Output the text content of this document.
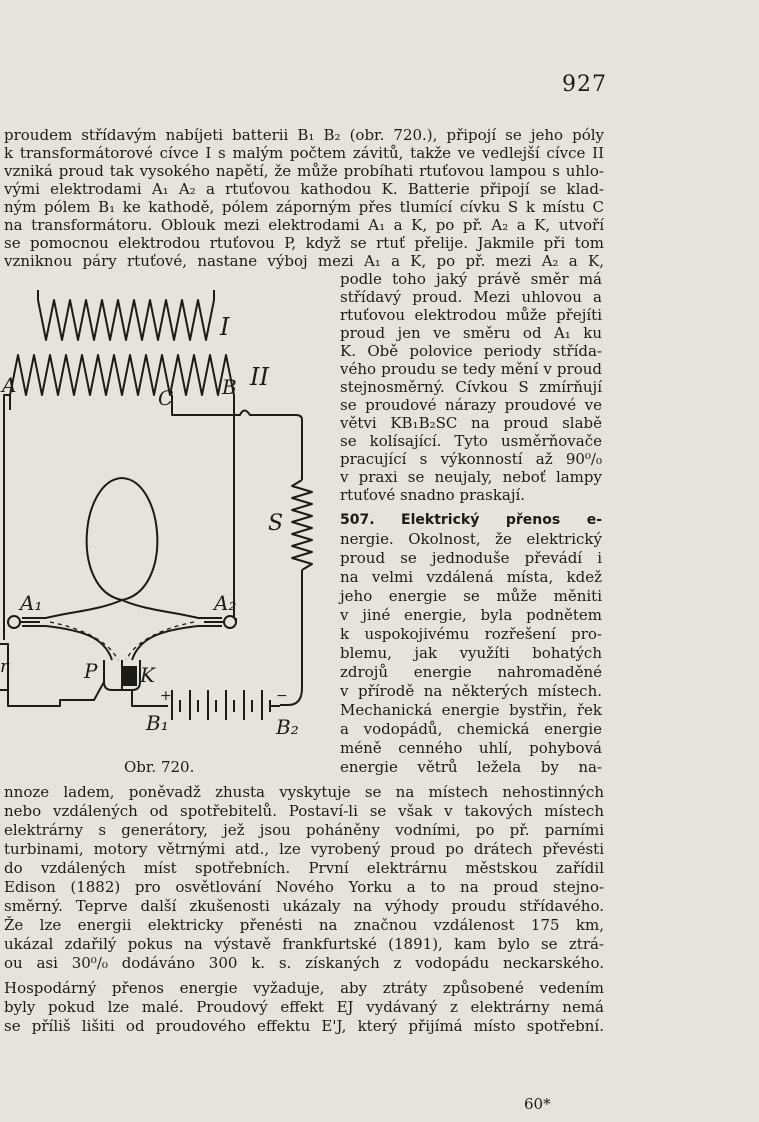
927
proudem střídavým nabíjeti batterii B₁ B₂ (obr. 720.), připojí se jeho póly
k transformátorové cívce I s malým počtem závitů, takže ve vedlejší cívce II
vzniká proud tak vysokého napětí, že může probíhati rtuťovou lampou s uhlo-
vými elektrodami A₁ A₂ a rtuťovou kathodou K. Batterie připojí se klad-
ným pólem B₁ ke kathodě, pólem záporným přes tlumící cívku S k místu C
na transformátoru. Oblouk mezi elektrodami A₁ a K, po př. A₂ a K, utvoří
se pomocnou elektrodou rtuťovou P, když se rtuť přelije. Jakmile při tom
vzniknou páry rtuťové, nastane výboj mezi A₁ a K, po př. mezi A₂ a K,
podle toho jaký právě směr má
střídavý proud. Mezi uhlovou a
rtuťovou elektrodou může přejíti
proud jen ve směru od A₁ ku
K. Obě polovice periody střída-
vého proudu se tedy mění v proud
stejnosměrný. Cívkou S zmírňují
se proudové nárazy proudové ve
větvi KB₁B₂SC na proud slabě
se kolísající. Tyto usměrňovače
pracující s výkonností až 90⁰/₀
v praxi se neujaly, neboť lampy
rtuťové snadno praskají.
507. Elektrický přenos e-
nergie. Okolnost, že elektrický
proud se jednoduše převádí i
na velmi vzdálená místa, kdež
jeho energie se může měniti
v jiné energie, byla podnětem
k uspokojivému rozřešení pro-
blemu, jak využíti bohatých
zdrojů energie nahromaděné
v přírodě na některých místech.
Mechanická energie bystřin, řek
a vodopádů, chemická energie
méně cenného uhlí, pohybová
energie větrů ležela by na-
nnoze ladem, poněvadž zhusta vyskytuje se na místech nehostinných
nebo vzdálených od spotřebitelů. Postaví-li se však v takových místech
elektrárny s generátory, jež jsou poháněny vodními, po př. parními
turbinami, motory větrnými atd., lze vyrobený proud po drátech převésti
do vzdálených míst spotřebních. První elektrárnu městskou zařídil
Edison (1882) pro osvětlování Nového Yorku a to na proud stejno-
směrný. Teprve další zkušenosti ukázaly na výhody proudu střídavého.
Že lze energii elektricky přenésti na značnou vzdálenost 175 km,
ukázal zdařilý pokus na výstavě frankfurtské (1891), kam bylo se ztrá-
ou asi 30⁰/₀ dodáváno 300 k. s. získaných z vodopádu neckarského.
Hospodárný přenos energie vyžaduje, aby ztráty způsobené vedením
byly pokud lze malé. Proudový effekt EJ vydávaný z elektrárny nemá
se příliš lišiti od proudového effektu E'J, který přijímá místo spotřební.
I
II
A	B
C
S
A₁	A₂
P K
B₁	B₂
+	−
r
Obr. 720.
60*
